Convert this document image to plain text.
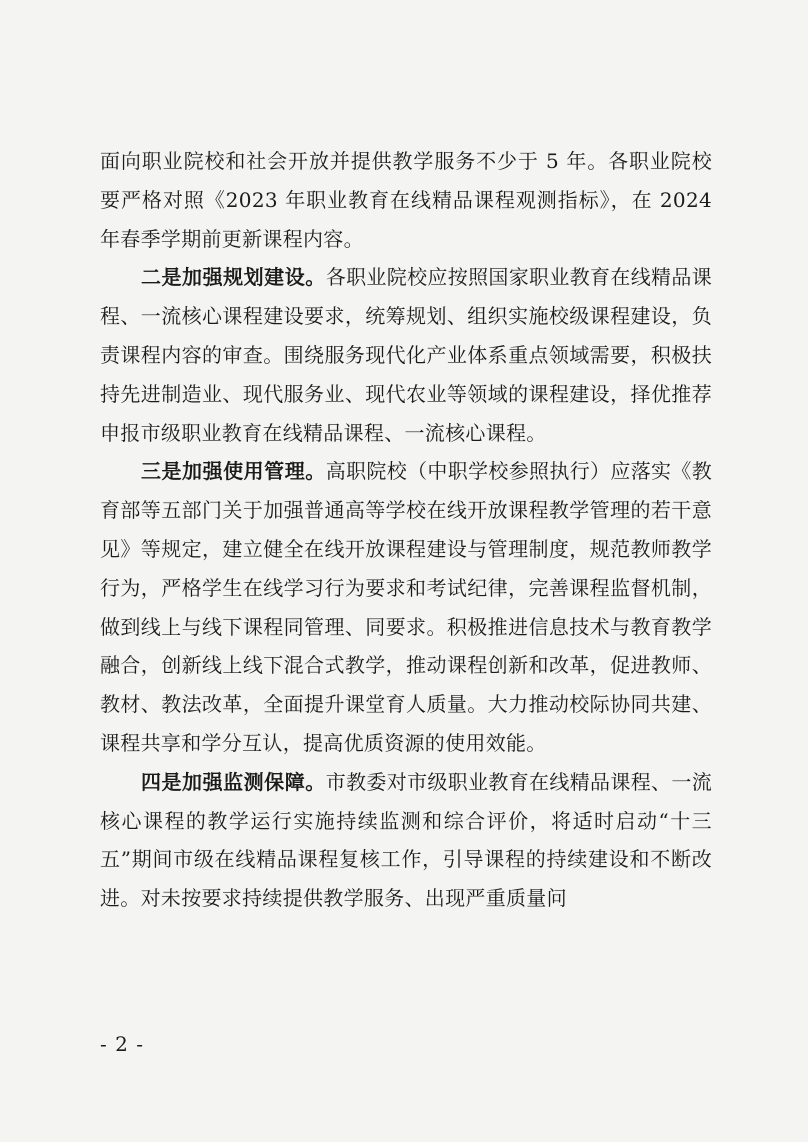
面向职业院校和社会开放并提供教学服务不少于 5 年。各职业院校要严格对照《2023 年职业教育在线精品课程观测指标》，在 2024 年春季学期前更新课程内容。

二是加强规划建设。各职业院校应按照国家职业教育在线精品课程、一流核心课程建设要求，统筹规划、组织实施校级课程建设，负责课程内容的审查。围绕服务现代化产业体系重点领域需要，积极扶持先进制造业、现代服务业、现代农业等领域的课程建设，择优推荐申报市级职业教育在线精品课程、一流核心课程。

三是加强使用管理。高职院校（中职学校参照执行）应落实《教育部等五部门关于加强普通高等学校在线开放课程教学管理的若干意见》等规定，建立健全在线开放课程建设与管理制度，规范教师教学行为，严格学生在线学习行为要求和考试纪律，完善课程监督机制，做到线上与线下课程同管理、同要求。积极推进信息技术与教育教学融合，创新线上线下混合式教学，推动课程创新和改革，促进教师、教材、教法改革，全面提升课堂育人质量。大力推动校际协同共建、课程共享和学分互认，提高优质资源的使用效能。

四是加强监测保障。市教委对市级职业教育在线精品课程、一流核心课程的教学运行实施持续监测和综合评价，将适时启动“十三五”期间市级在线精品课程复核工作，引导课程的持续建设和不断改进。对未按要求持续提供教学服务、出现严重质量问

- 2 -
